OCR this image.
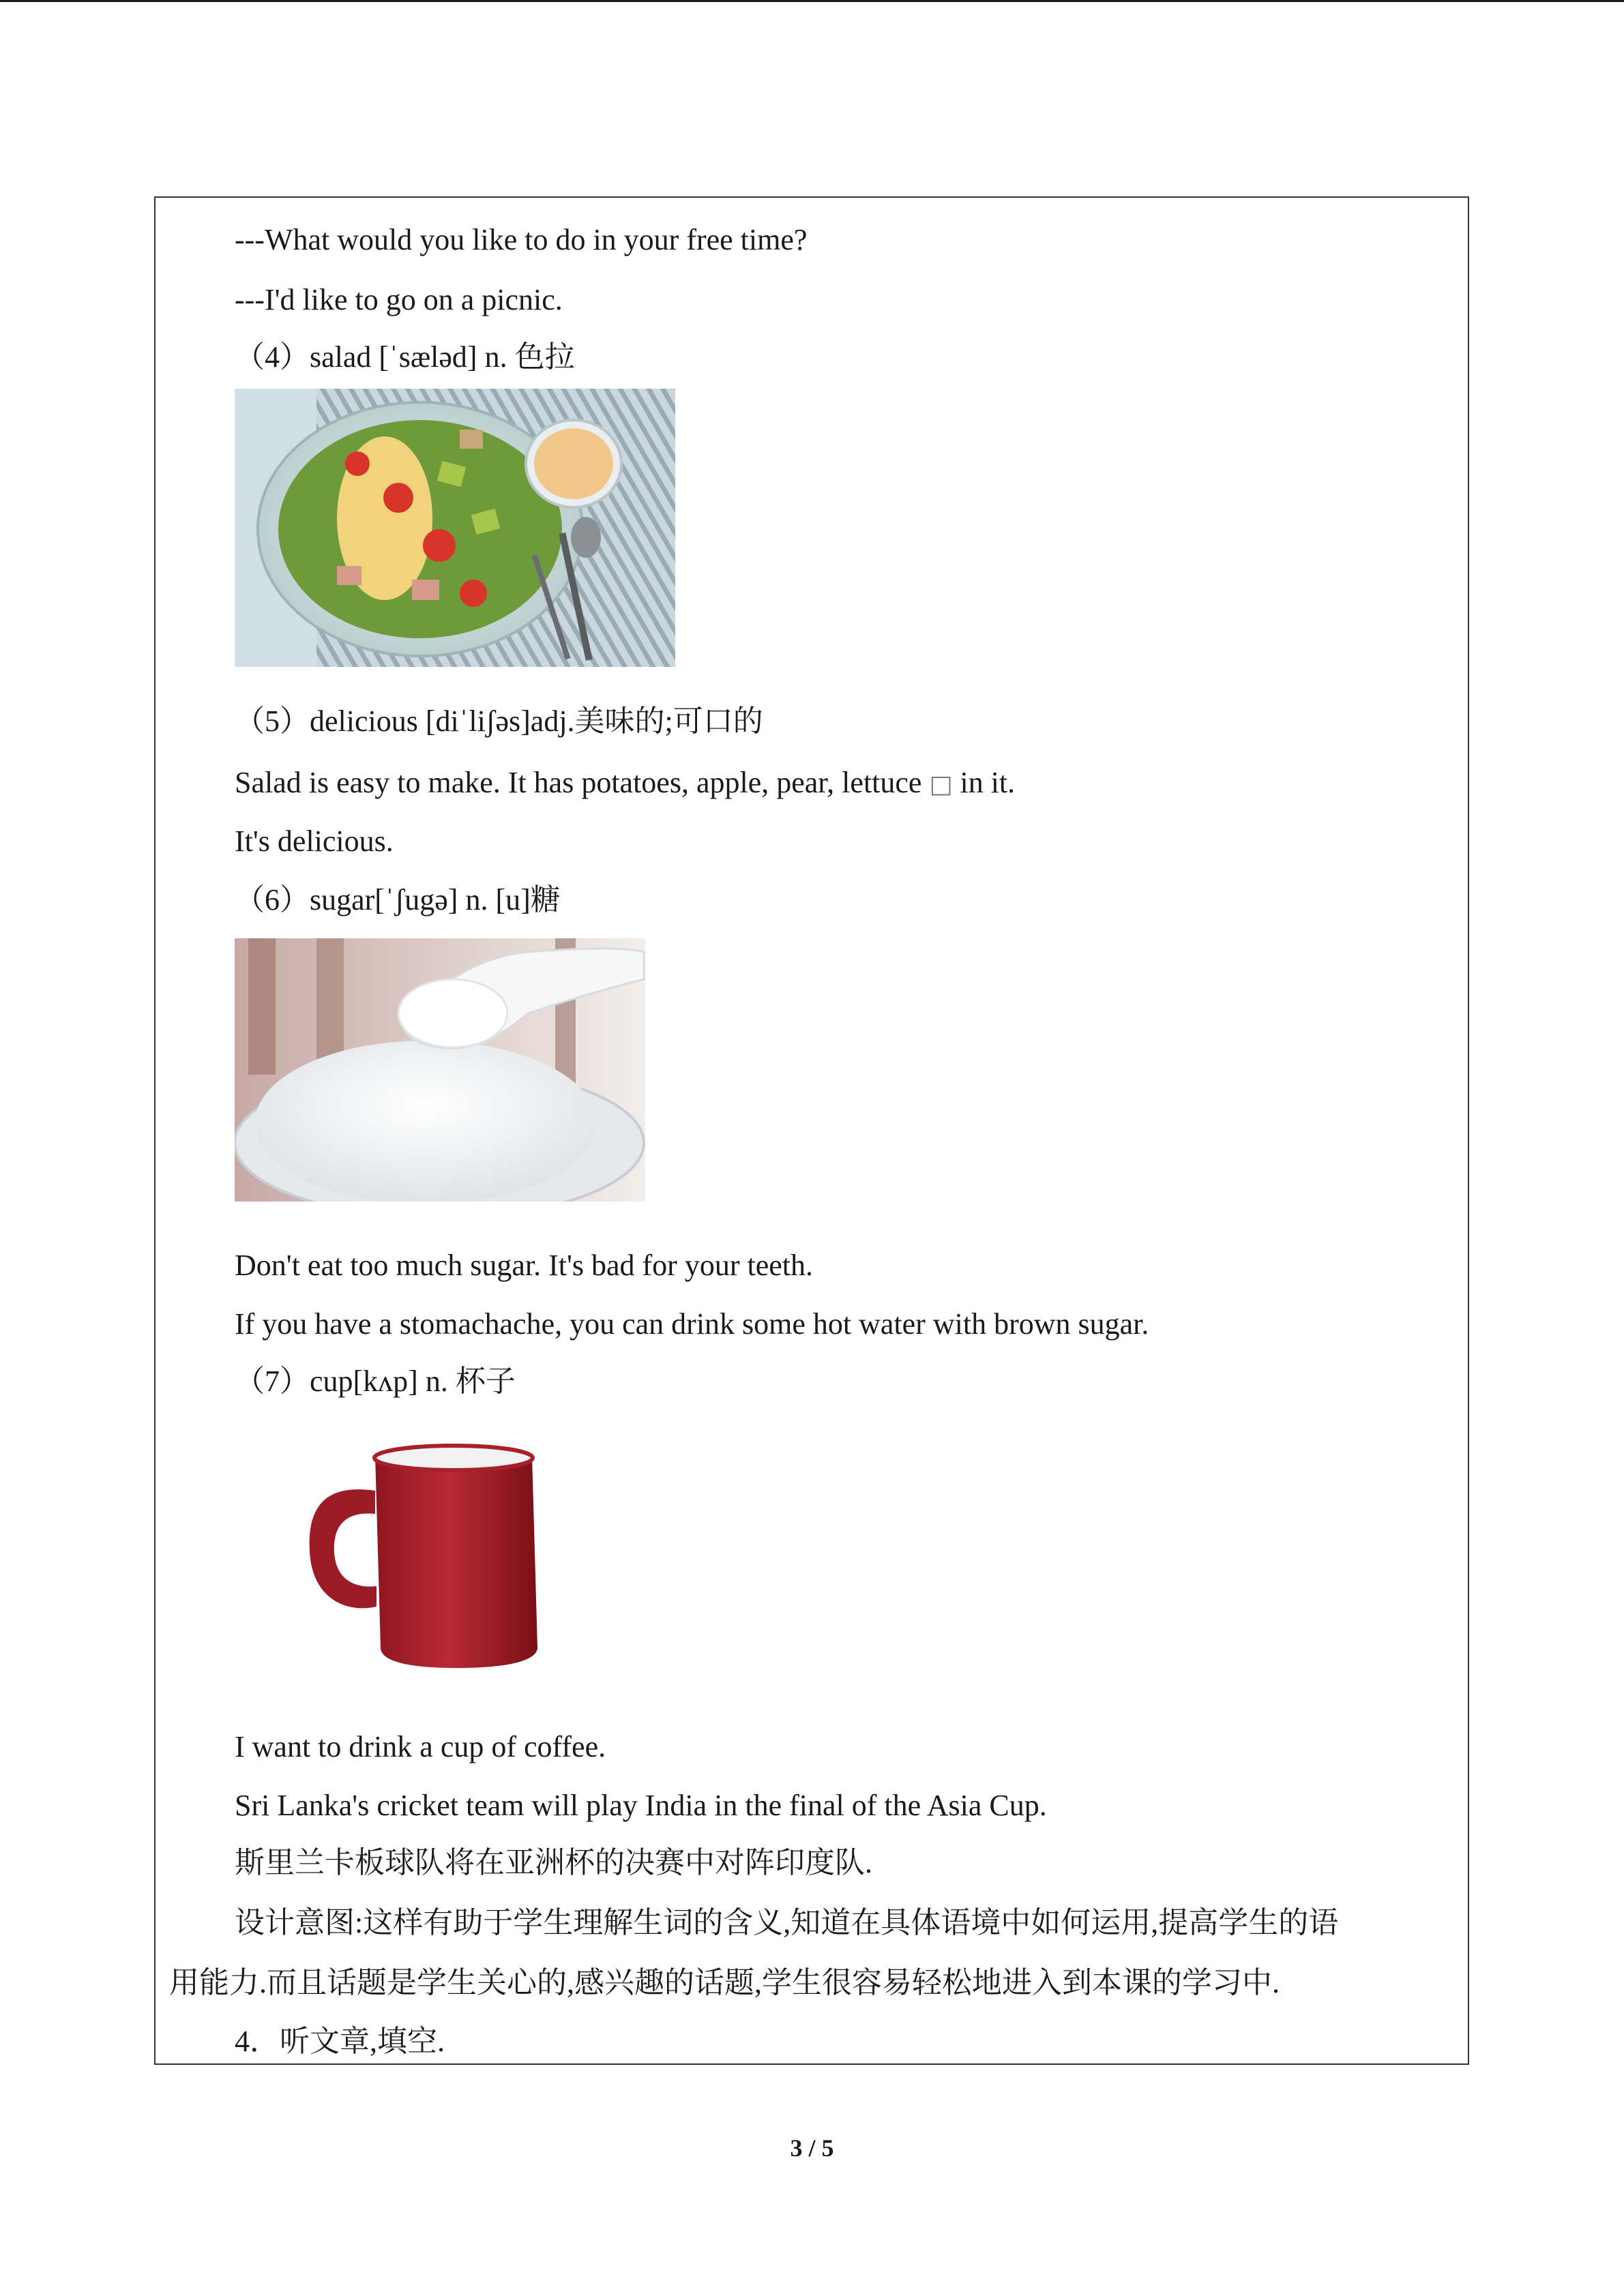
---What would you like to do in your free time?
---I'd like to go on a picnic.
（4）salad [ˈsæləd] n. 色拉
（5）delicious [diˈliʃəs]adj.美味的;可口的
Salad is easy to make. It has potatoes, apple, pear, lettuce □ in it.
It's delicious.
（6）sugar[ˈʃugə] n. [u]糖
Don't eat too much sugar. It's bad for your teeth.
If you have a stomachache, you can drink some hot water with brown sugar.
（7）cup[kʌp] n. 杯子
I want to drink a cup of coffee.
Sri Lanka's cricket team will play India in the final of the Asia Cup.
斯里兰卡板球队将在亚洲杯的决赛中对阵印度队.
设计意图:这样有助于学生理解生词的含义,知道在具体语境中如何运用,提高学生的语
用能力.而且话题是学生关心的,感兴趣的话题,学生很容易轻松地进入到本课的学习中.
4．听文章,填空.
3 / 5
